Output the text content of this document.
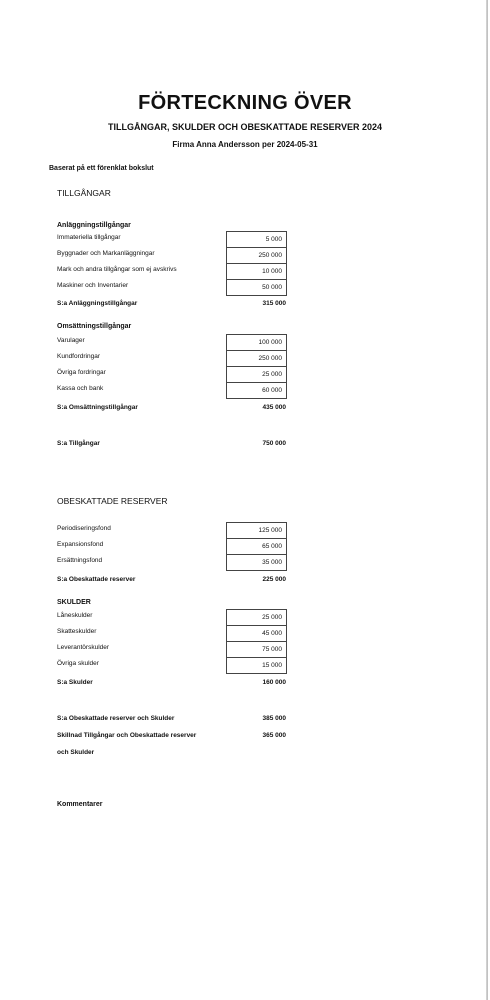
FÖRTECKNING ÖVER
TILLGÅNGAR, SKULDER OCH OBESKATTADE RESERVER 2024
Firma Anna Andersson per 2024-05-31
Baserat på ett förenklat bokslut
TILLGÅNGAR
Anläggningstillgångar
Immateriella tillgångar	5 000
Byggnader och Markanläggningar	250 000
Mark och andra tillgångar som ej avskrivs	10 000
Maskiner och Inventarier	50 000
S:a Anläggningstillgångar	315 000
Omsättningstillgångar
Varulager	100 000
Kundfordringar	250 000
Övriga fordringar	25 000
Kassa och bank	60 000
S:a Omsättningstillgångar	435 000
S:a Tillgångar	750 000
OBESKATTADE RESERVER
Periodiseringsfond	125 000
Expansionsfond	65 000
Ersättningsfond	35 000
S:a Obeskattade reserver	225 000
SKULDER
Låneskulder	25 000
Skatteskulder	45 000
Leverantörskulder	75 000
Övriga skulder	15 000
S:a Skulder	160 000
S:a Obeskattade reserver och Skulder	385 000
Skillnad Tillgångar och Obeskattade reserver	365 000
och Skulder
Kommentarer
